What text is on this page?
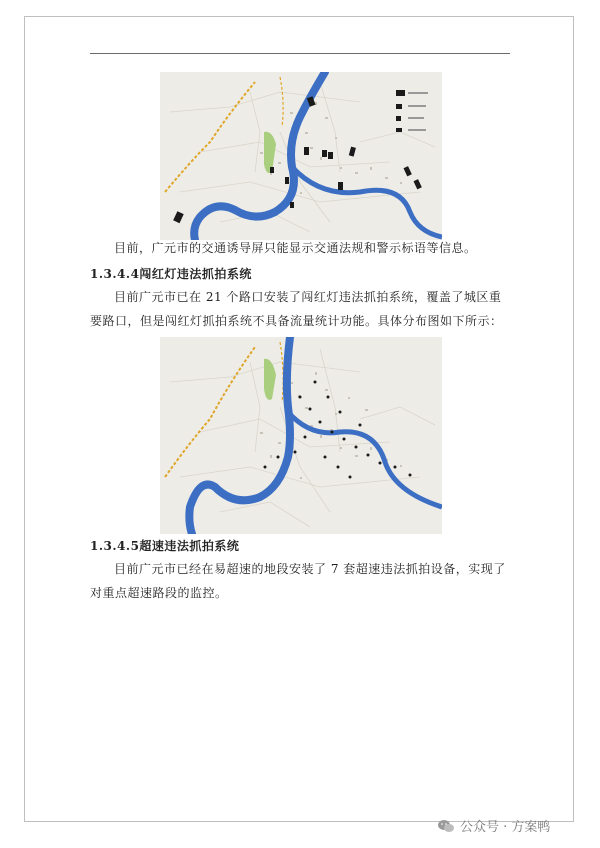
目前，广元市的交通诱导屏只能显示交通法规和警示标语等信息。

1.3.4.4闯红灯违法抓拍系统

目前广元市已在 21 个路口安装了闯红灯违法抓拍系统，覆盖了城区重要路口，但是闯红灯抓拍系统不具备流量统计功能。具体分布图如下所示：

1.3.4.5超速违法抓拍系统

目前广元市已经在易超速的地段安装了 7 套超速违法抓拍设备，实现了对重点超速路段的监控。

公众号 · 方案鸭
